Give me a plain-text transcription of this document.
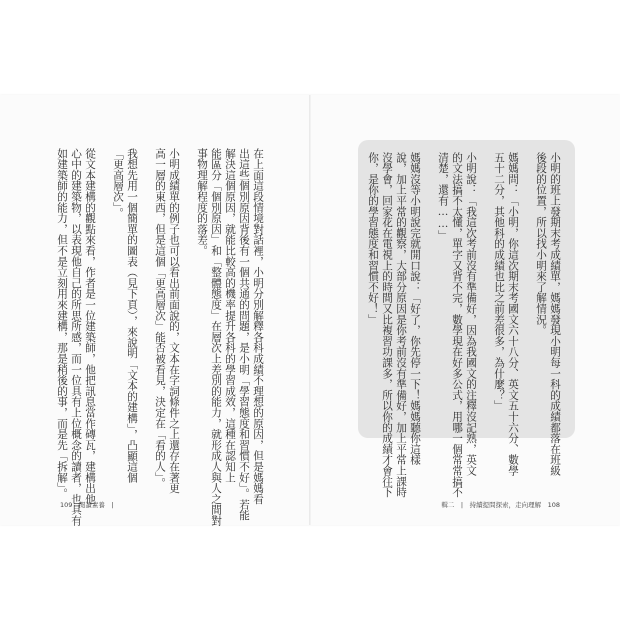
在上面這段情境對話裡，小明分別解釋各科成績不理想的原因，但是媽媽看
出這些個別原因背後有一個共通的問題，是小明「學習態度和習慣不好」。若能
解決這個原因，就能比較高的機率提升各科的學習成效，這種在認知上
能區分「個別原因」和「整體態度」在層次上差別的能力，就形成人與人之間對
事物理解程度的落差。

小明成績單的例子也可以看出前面說的，文本在字詞條件之上還存在著更
高一層的東西，但是這個「更高層次」能否被看見，決定在「看的人」。

我想先用一個簡單的圖表（見下頁），來說明「文本的建構」，凸顯這個
「更高層次」。

從文本建構的觀點來看，作者是一位建築師，他把訊息當作磚瓦，建構出他
心中的建築物，以表現他自己的所思所感，而一位具有上位概念的讀者，也具有
如建築師的能力，但不是立刻用來建構，那是稍後的事，而是先「拆解」。	小明的班上發期末考成績單，媽媽發現小明每一科的成績都落在班級
後段的位置，所以找小明來了解情況。

媽媽問：「小明，你這次期末考國文六十八分、英文五十六分、數學
五十二分，其他科的成績也比之前差很多，為什麼？」

小明說：「我這次考前沒有準備好，因為我國文的注釋沒記熟，英文
的文法搞不太懂，單字又背不完，數學現在好多公式，用哪一個常常搞不
清楚，還有……」

媽媽沒等小明說完就開口說：「好了，你先停一下！媽媽聽你這樣
說，加上平常的觀察，大部分原因是你考前沒有準備好，加上平常上課時
沒學會，回家花在電視上的時間又比複習功課多，所以你的成績才會往下
你，是你的學習態度和習慣不好！」
109　閱讀素養　|	輯二　|　持續提問探索，走向理解　108
